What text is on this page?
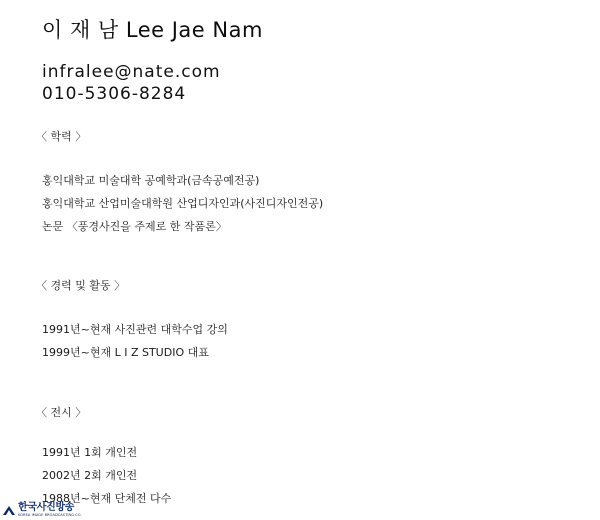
이 재 남 Lee Jae Nam
infralee@nate.com
010-5306-8284
〈 학력 〉
홍익대학교 미술대학 공예학과(금속공예전공)
홍익대학교 산업미술대학원 산업디자인과(사진디자인전공)
논문 〈풍경사진을 주제로 한 작품론〉
〈 경력 및 활동 〉
1991년~현재 사진관련 대학수업 강의
1999년~현재 L I Z STUDIO 대표
〈 전시 〉
1991년 1회 개인전
2002년 2회 개인전
1988년~현재 단체전 다수
한국사진방송
KOREA IMAGE BROADCASTING CO.
